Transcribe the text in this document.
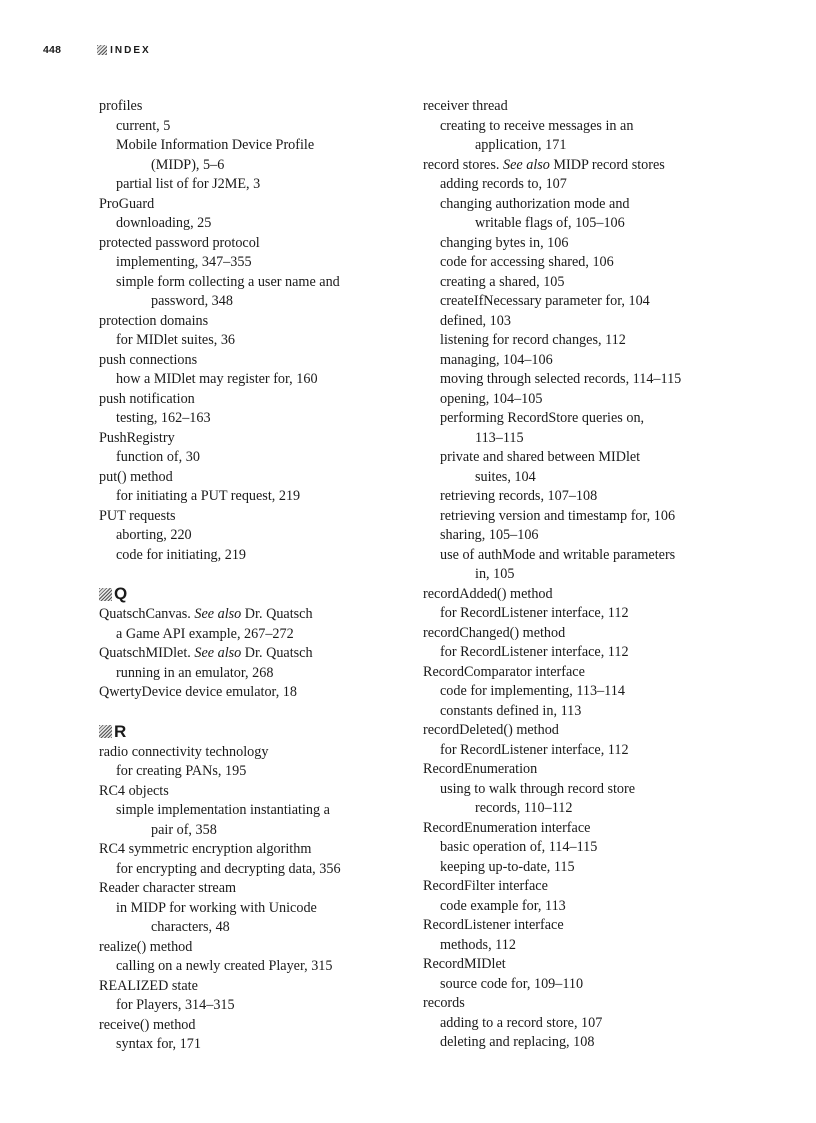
448	INDEX
profiles
current, 5
Mobile Information Device Profile
(MIDP), 5–6
partial list of for J2ME, 3
ProGuard
downloading, 25
protected password protocol
implementing, 347–355
simple form collecting a user name and
password, 348
protection domains
for MIDlet suites, 36
push connections
how a MIDlet may register for, 160
push notification
testing, 162–163
PushRegistry
function of, 30
put() method
for initiating a PUT request, 219
PUT requests
aborting, 220
code for initiating, 219
Q
QuatschCanvas. See also Dr. Quatsch
a Game API example, 267–272
QuatschMIDlet. See also Dr. Quatsch
running in an emulator, 268
QwertyDevice device emulator, 18
R
radio connectivity technology
for creating PANs, 195
RC4 objects
simple implementation instantiating a
pair of, 358
RC4 symmetric encryption algorithm
for encrypting and decrypting data, 356
Reader character stream
in MIDP for working with Unicode
characters, 48
realize() method
calling on a newly created Player, 315
REALIZED state
for Players, 314–315
receive() method
syntax for, 171
receiver thread
creating to receive messages in an
application, 171
record stores. See also MIDP record stores
adding records to, 107
changing authorization mode and
writable flags of, 105–106
changing bytes in, 106
code for accessing shared, 106
creating a shared, 105
createIfNecessary parameter for, 104
defined, 103
listening for record changes, 112
managing, 104–106
moving through selected records, 114–115
opening, 104–105
performing RecordStore queries on,
113–115
private and shared between MIDlet
suites, 104
retrieving records, 107–108
retrieving version and timestamp for, 106
sharing, 105–106
use of authMode and writable parameters
in, 105
recordAdded() method
for RecordListener interface, 112
recordChanged() method
for RecordListener interface, 112
RecordComparator interface
code for implementing, 113–114
constants defined in, 113
recordDeleted() method
for RecordListener interface, 112
RecordEnumeration
using to walk through record store
records, 110–112
RecordEnumeration interface
basic operation of, 114–115
keeping up-to-date, 115
RecordFilter interface
code example for, 113
RecordListener interface
methods, 112
RecordMIDlet
source code for, 109–110
records
adding to a record store, 107
deleting and replacing, 108
